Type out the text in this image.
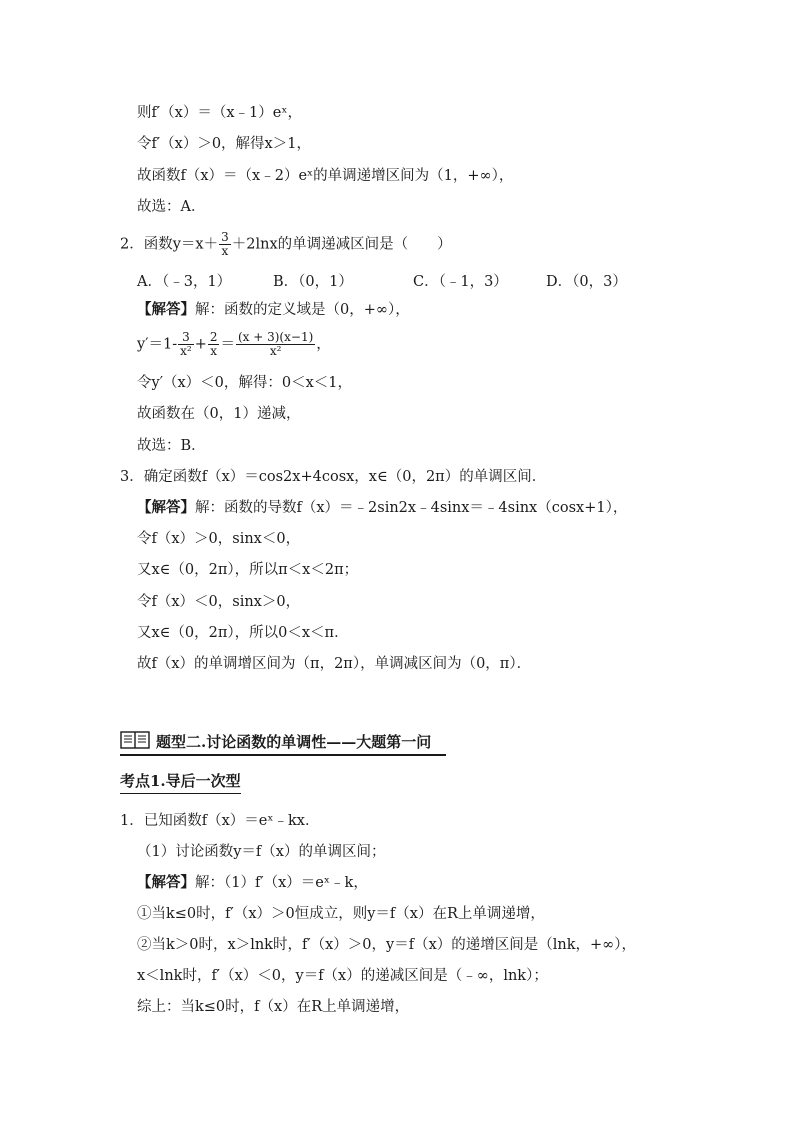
则f′（x）＝（x﹣1）eˣ，
令f′（x）＞0，解得x＞1，
故函数f（x）＝（x﹣2）eˣ的单调递增区间为（1，+∞），
故选：A．
2．函数$y=x+ \frac{3}{x} +2\ln x$的单调递减区间是（　　）
A．（﹣3，1）	B．（0，1）	C．（﹣1，3）	D．（0，3）
【解答】解：函数的定义域是（0，+∞），
$y'=1- \frac{3}{\text{x²}} + \frac{2}{x} = \frac{(x + 3)(x-1)}{\text{x²}}$ ，
令y′（x）＜0，解得：0＜x＜1，
故函数在（0，1）递减，
故选：B．
3．确定函数f（x）＝cos2x+4cosx，x∈（0，2π）的单调区间．
【解答】解：函数的导数f（x）＝﹣2sin2x﹣4sinx＝﹣4sinx（cosx+1），
令f（x）＞0，sinx＜0，
又x∈（0，2π），所以π＜x＜2π；
令f（x）＜0，sinx＞0，
又x∈（0，2π），所以0＜x＜π．
故f（x）的单调增区间为（π，2π），单调减区间为（0，π）．
题型二.讨论函数的单调性——大题第一问
考点1.导后一次型
1．已知函数f（x）＝eˣ﹣kx．
（1）讨论函数y＝f（x）的单调区间；
【解答】解：（1）f′（x）＝eˣ﹣k，
①当k≤0时，f′（x）＞0恒成立，则y＝f（x）在R上单调递增，
②当k＞0时，x＞lnk时，f′（x）＞0，y＝f（x）的递增区间是（lnk，+∞），
x＜lnk时，f′（x）＜0，y＝f（x）的递减区间是（﹣∞，lnk）；
综上：当k≤0时，f（x）在R上单调递增，
